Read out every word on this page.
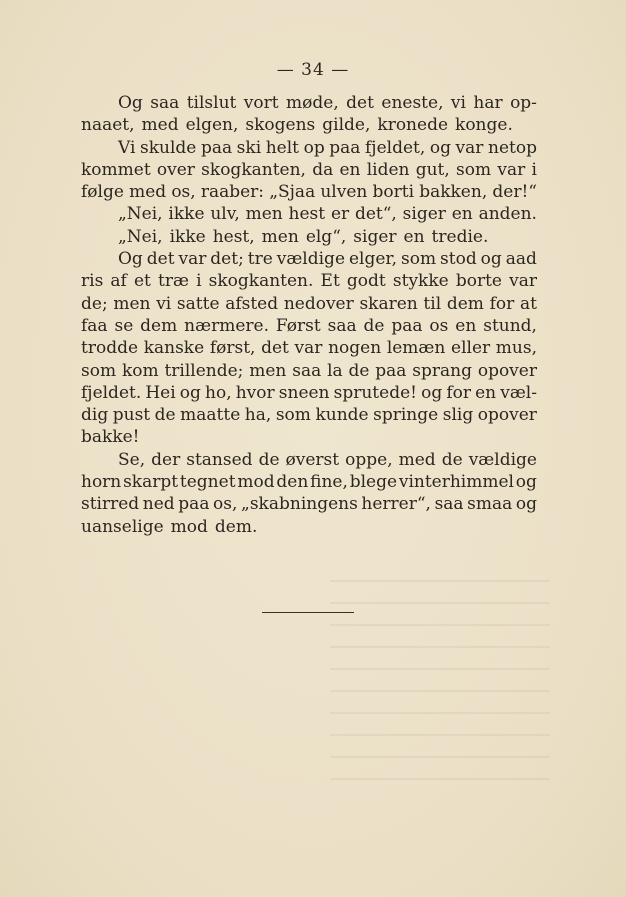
— 34 —
Og saa tilslut vort møde, det eneste, vi har op-
naaet, med elgen, skogens gilde, kronede konge.
Vi skulde paa ski helt op paa fjeldet, og var netop
kommet over skogkanten, da en liden gut, som var i
følge med os, raaber: „Sjaa ulven borti bakken, der!“
„Nei, ikke ulv, men hest er det“, siger en anden.
„Nei, ikke hest, men elg“, siger en tredie.
Og det var det; tre vældige elger, som stod og aad
ris af et træ i skogkanten. Et godt stykke borte var
de; men vi satte afsted nedover skaren til dem for at
faa se dem nærmere. Først saa de paa os en stund,
trodde kanske først, det var nogen lemæn eller mus,
som kom trillende; men saa la de paa sprang opover
fjeldet. Hei og ho, hvor sneen sprutede! og for en væl-
dig pust de maatte ha, som kunde springe slig opover
bakke!
Se, der stansed de øverst oppe, med de vældige
horn skarpt tegnet mod den fine, blege vinterhimmel og
stirred ned paa os, „skabningens herrer“, saa smaa og
uanselige mod dem.
